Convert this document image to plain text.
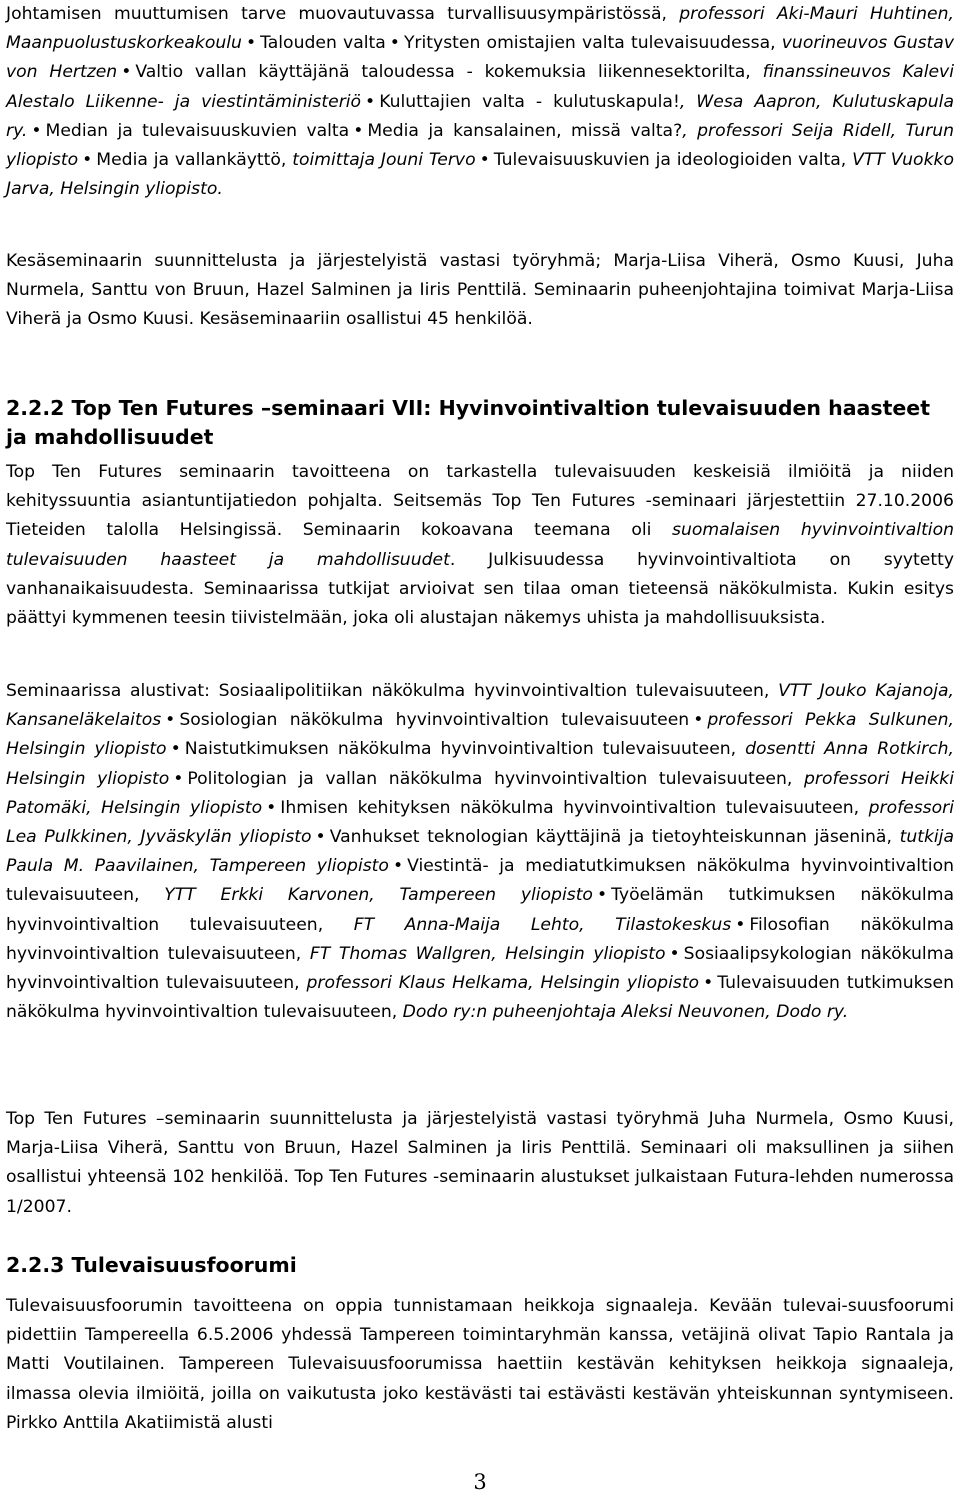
Johtamisen muuttumisen tarve muovautuvassa turvallisuusympäristössä, professori Aki-Mauri Huhtinen, Maanpuolustuskorkeakoulu • Talouden valta • Yritysten omistajien valta tulevaisuudessa, vuorineuvos Gustav von Hertzen • Valtio vallan käyttäjänä taloudessa - kokemuksia liikennesektorilta, finanssineuvos Kalevi Alestalo Liikenne- ja viestintäministeriö • Kuluttajien valta - kulutuskapula!, Wesa Aapron, Kulutuskapula ry. • Median ja tulevaisuuskuvien valta • Media ja kansalainen, missä valta?, professori Seija Ridell, Turun yliopisto • Media ja vallankäyttö, toimittaja Jouni Tervo • Tulevaisuuskuvien ja ideologioiden valta, VTT Vuokko Jarva, Helsingin yliopisto.

Kesäseminaarin suunnittelusta ja järjestelyistä vastasi työryhmä; Marja-Liisa Viherä, Osmo Kuusi, Juha Nurmela, Santtu von Bruun, Hazel Salminen ja Iiris Penttilä. Seminaarin puheenjohtajina toimivat Marja-Liisa Viherä ja Osmo Kuusi. Kesäseminaariin osallistui 45 henkilöä.

2.2.2 Top Ten Futures –seminaari VII: Hyvinvointivaltion tulevaisuuden haasteet ja mahdollisuudet

Top Ten Futures seminaarin tavoitteena on tarkastella tulevaisuuden keskeisiä ilmiöitä ja niiden kehityssuuntia asiantuntijatiedon pohjalta. Seitsemäs Top Ten Futures -seminaari järjestettiin 27.10.2006 Tieteiden talolla Helsingissä. Seminaarin kokoavana teemana oli suomalaisen hyvinvointivaltion tulevaisuuden haasteet ja mahdollisuudet. Julkisuudessa hyvinvointivaltiota on syytetty vanhanaikaisuudesta. Seminaarissa tutkijat arvioivat sen tilaa oman tieteensä näkökulmista. Kukin esitys päättyi kymmenen teesin tiivistelmään, joka oli alustajan näkemys uhista ja mahdollisuuksista.

Seminaarissa alustivat: Sosiaalipolitiikan näkökulma hyvinvointivaltion tulevaisuuteen, VTT Jouko Kajanoja, Kansaneläkelaitos • Sosiologian näkökulma hyvinvointivaltion tulevaisuuteen • professori Pekka Sulkunen, Helsingin yliopisto • Naistutkimuksen näkökulma hyvinvointivaltion tulevaisuuteen, dosentti Anna Rotkirch, Helsingin yliopisto • Politologian ja vallan näkökulma hyvinvointivaltion tulevaisuuteen, professori Heikki Patomäki, Helsingin yliopisto • Ihmisen kehityksen näkökulma hyvinvointivaltion tulevaisuuteen, professori Lea Pulkkinen, Jyväskylän yliopisto • Vanhukset teknologian käyttäjinä ja tietoyhteiskunnan jäseninä, tutkija Paula M. Paavilainen, Tampereen yliopisto • Viestintä- ja mediatutkimuksen näkökulma hyvinvointivaltion tulevaisuuteen, YTT Erkki Karvonen, Tampereen yliopisto • Työelämän tutkimuksen näkökulma hyvinvointivaltion tulevaisuuteen, FT Anna-Maija Lehto, Tilastokeskus • Filosofian näkökulma hyvinvointivaltion tulevaisuuteen, FT Thomas Wallgren, Helsingin yliopisto • Sosiaalipsykologian näkökulma hyvinvointivaltion tulevaisuuteen, professori Klaus Helkama, Helsingin yliopisto • Tulevaisuuden tutkimuksen näkökulma hyvinvointivaltion tulevaisuuteen, Dodo ry:n puheenjohtaja Aleksi Neuvonen, Dodo ry.

Top Ten Futures –seminaarin suunnittelusta ja järjestelyistä vastasi työryhmä Juha Nurmela, Osmo Kuusi, Marja-Liisa Viherä, Santtu von Bruun, Hazel Salminen ja Iiris Penttilä. Seminaari oli maksullinen ja siihen osallistui yhteensä 102 henkilöä. Top Ten Futures -seminaarin alustukset julkaistaan Futura-lehden numerossa 1/2007.

2.2.3 Tulevaisuusfoorumi

Tulevaisuusfoorumin tavoitteena on oppia tunnistamaan heikkoja signaaleja. Kevään tulevai-suusfoorumi pidettiin Tampereella 6.5.2006 yhdessä Tampereen toimintaryhmän kanssa, vetäjinä olivat Tapio Rantala ja Matti Voutilainen. Tampereen Tulevaisuusfoorumissa haettiin kestävän kehityksen heikkoja signaaleja, ilmassa olevia ilmiöitä, joilla on vaikutusta joko kestävästi tai estävästi kestävän yhteiskunnan syntymiseen. Pirkko Anttila Akatiimistä alusti

3
